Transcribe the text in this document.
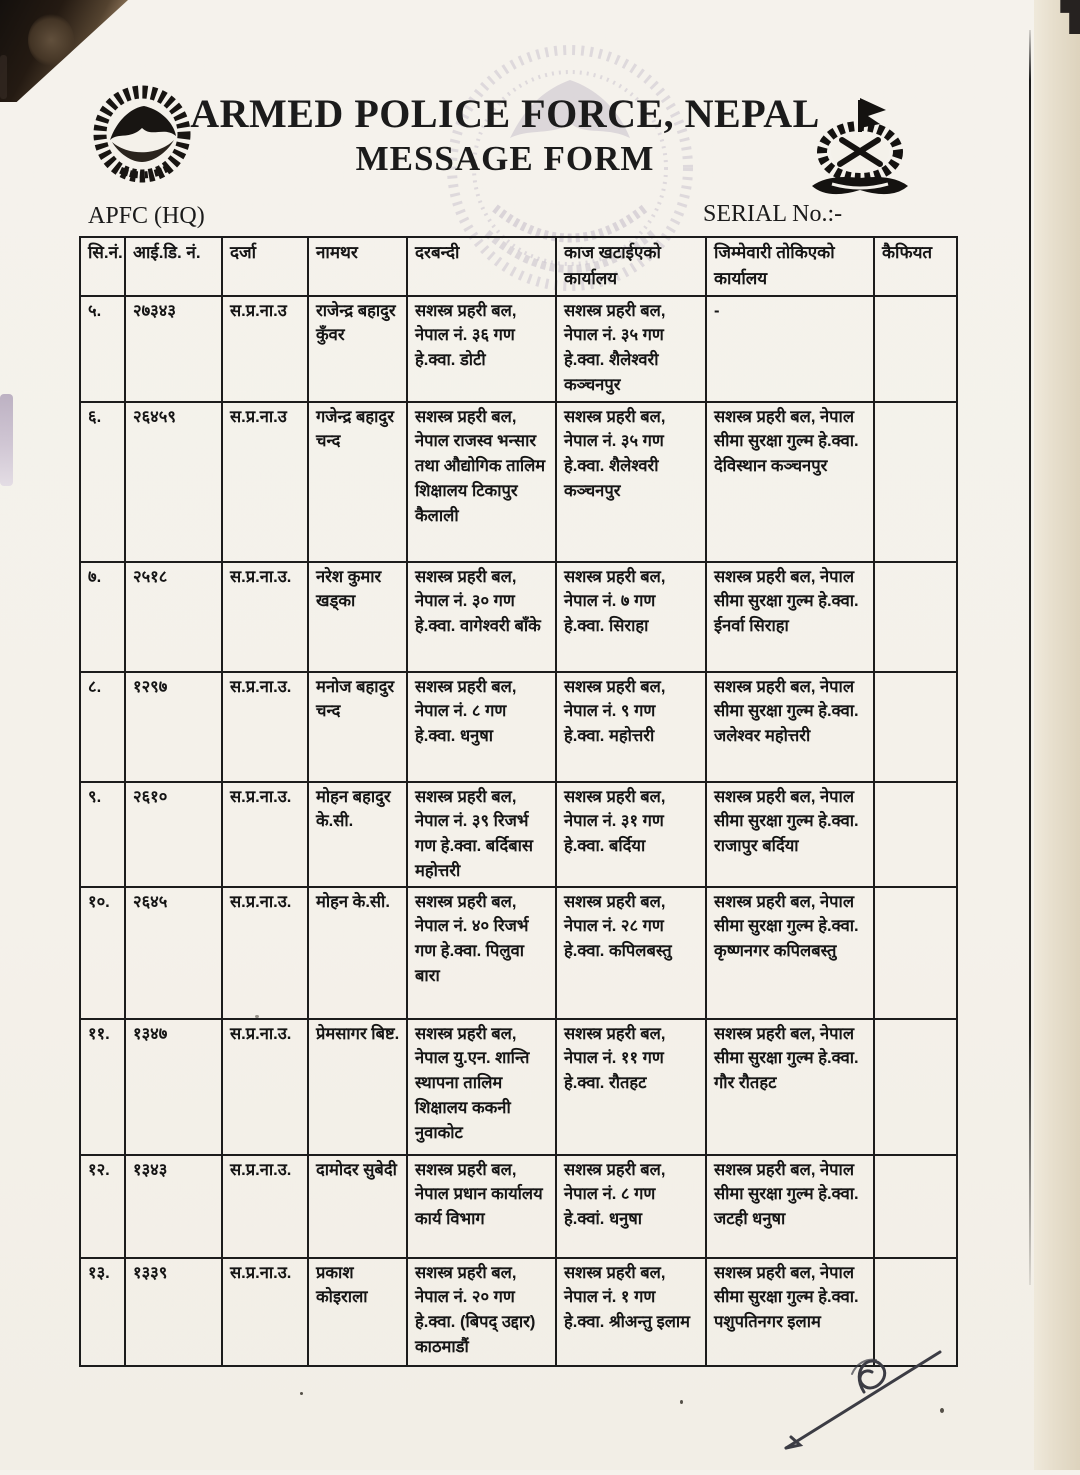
ARMED POLICE FORCE, NEPAL
MESSAGE FORM
APFC (HQ)	SERIAL No.:-
सि.नं.	आई.डि. नं.	दर्जा	नामथर	दरबन्दी	काज खटाईएको कार्यालय	जिम्मेवारी तोकिएको कार्यालय	कैफियत
५.	२७३४३	स.प्र.ना.उ	राजेन्द्र बहादुर कुँवर	सशस्त्र प्रहरी बल, नेपाल नं. ३६ गण हे.क्वा. डोटी	सशस्त्र प्रहरी बल, नेपाल नं. ३५ गण हे.क्वा. शैलेश्वरी कञ्चनपुर	-	
६.	२६४५९	स.प्र.ना.उ	गजेन्द्र बहादुर चन्द	सशस्त्र प्रहरी बल, नेपाल राजस्व भन्सार तथा औद्योगिक तालिम शिक्षालय टिकापुर कैलाली	सशस्त्र प्रहरी बल, नेपाल नं. ३५ गण हे.क्वा. शैलेश्वरी कञ्चनपुर	सशस्त्र प्रहरी बल, नेपाल सीमा सुरक्षा गुल्म हे.क्वा. देविस्थान कञ्चनपुर	
७.	२५१८	स.प्र.ना.उ.	नरेश कुमार खड्का	सशस्त्र प्रहरी बल, नेपाल नं. ३० गण हे.क्वा. वागेश्वरी बाँके	सशस्त्र प्रहरी बल, नेपाल नं. ७ गण हे.क्वा. सिराहा	सशस्त्र प्रहरी बल, नेपाल सीमा सुरक्षा गुल्म हे.क्वा. ईनर्वा सिराहा	
८.	१२९७	स.प्र.ना.उ.	मनोज बहादुर चन्द	सशस्त्र प्रहरी बल, नेपाल नं. ८ गण हे.क्वा. धनुषा	सशस्त्र प्रहरी बल, नेपाल नं. ९ गण हे.क्वा. महोत्तरी	सशस्त्र प्रहरी बल, नेपाल सीमा सुरक्षा गुल्म हे.क्वा. जलेश्वर महोत्तरी	
९.	२६१०	स.प्र.ना.उ.	मोहन बहादुर के.सी.	सशस्त्र प्रहरी बल, नेपाल नं. ३९ रिजर्भ गण हे.क्वा. बर्दिबास महोत्तरी	सशस्त्र प्रहरी बल, नेपाल नं. ३१ गण हे.क्वा. बर्दिया	सशस्त्र प्रहरी बल, नेपाल सीमा सुरक्षा गुल्म हे.क्वा. राजापुर बर्दिया	
१०.	२६४५	स.प्र.ना.उ.	मोहन के.सी.	सशस्त्र प्रहरी बल, नेपाल नं. ४० रिजर्भ गण हे.क्वा. पिलुवा बारा	सशस्त्र प्रहरी बल, नेपाल नं. २८ गण हे.क्वा. कपिलबस्तु	सशस्त्र प्रहरी बल, नेपाल सीमा सुरक्षा गुल्म हे.क्वा. कृष्णनगर कपिलबस्तु	
११.	१३४७	स.प्र.ना.उ.	प्रेमसागर बिष्ट.	सशस्त्र प्रहरी बल, नेपाल यु.एन. शान्ति स्थापना तालिम शिक्षालय ककनी नुवाकोट	सशस्त्र प्रहरी बल, नेपाल नं. ११ गण हे.क्वा. रौतहट	सशस्त्र प्रहरी बल, नेपाल सीमा सुरक्षा गुल्म हे.क्वा. गौर रौतहट	
१२.	१३४३	स.प्र.ना.उ.	दामोदर सुबेदी	सशस्त्र प्रहरी बल, नेपाल प्रधान कार्यालय कार्य विभाग	सशस्त्र प्रहरी बल, नेपाल नं. ८ गण हे.क्वां. धनुषा	सशस्त्र प्रहरी बल, नेपाल सीमा सुरक्षा गुल्म हे.क्वा. जटही धनुषा	
१३.	१३३९	स.प्र.ना.उ.	प्रकाश कोइराला	सशस्त्र प्रहरी बल, नेपाल नं. २० गण हे.क्वा. (बिपद् उद्दार) काठमाडौं	सशस्त्र प्रहरी बल, नेपाल नं. १ गण हे.क्वा. श्रीअन्तु इलाम	सशस्त्र प्रहरी बल, नेपाल सीमा सुरक्षा गुल्म हे.क्वा. पशुपतिनगर इलाम	
